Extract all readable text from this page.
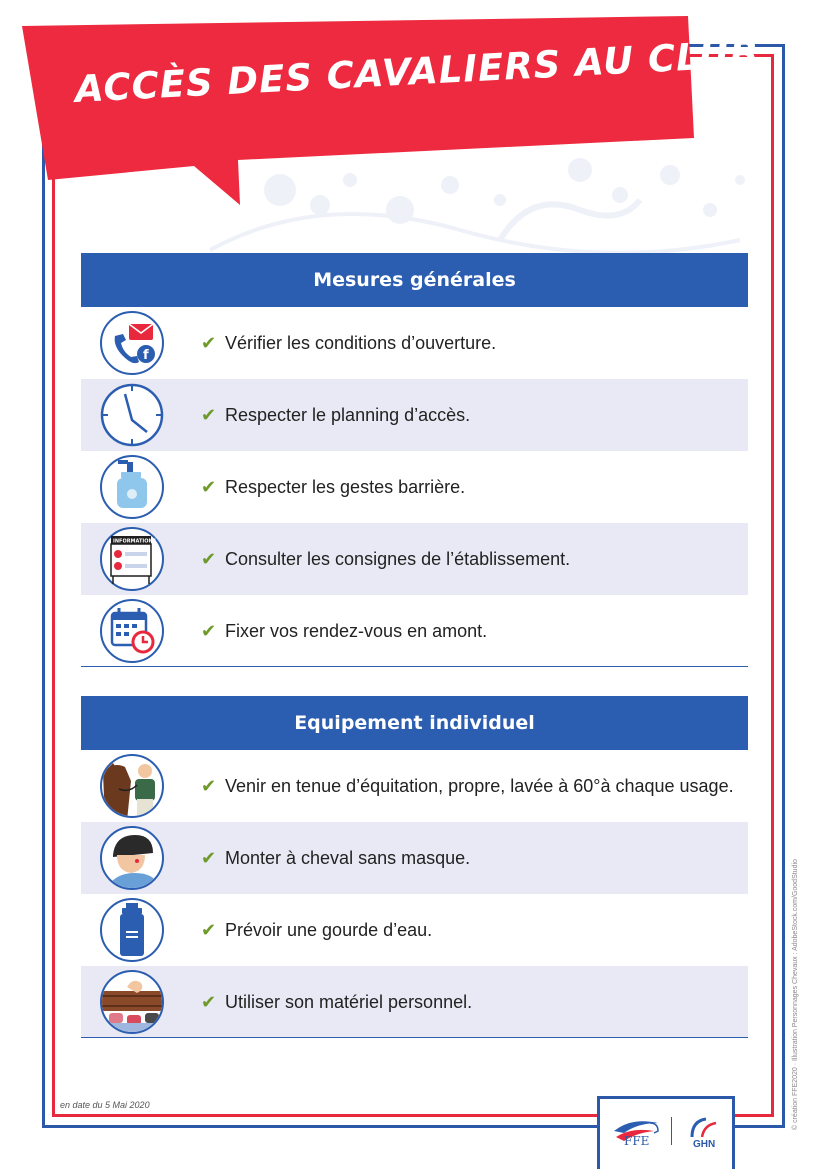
ACCÈS DES CAVALIERS AU CLUB
Mesures générales
f
✔ Vérifier les conditions d’ouverture.
✔ Respecter le planning d’accès.
✔ Respecter les gestes barrière.
INFORMATIONS
✔ Consulter les consignes de l’établissement.
✔ Fixer vos rendez-vous en amont.
Equipement individuel
✔ Venir en tenue d’équitation, propre, lavée à 60°à chaque usage.
✔ Monter à cheval sans masque.
✔ Prévoir une gourde d’eau.
✔ Utiliser son matériel personnel.
en date du 5 Mai 2020	© création FFE2020 · Illustration Personnages Chevaux : AdobeStock.com/GoodStudio
FFE	GHN
